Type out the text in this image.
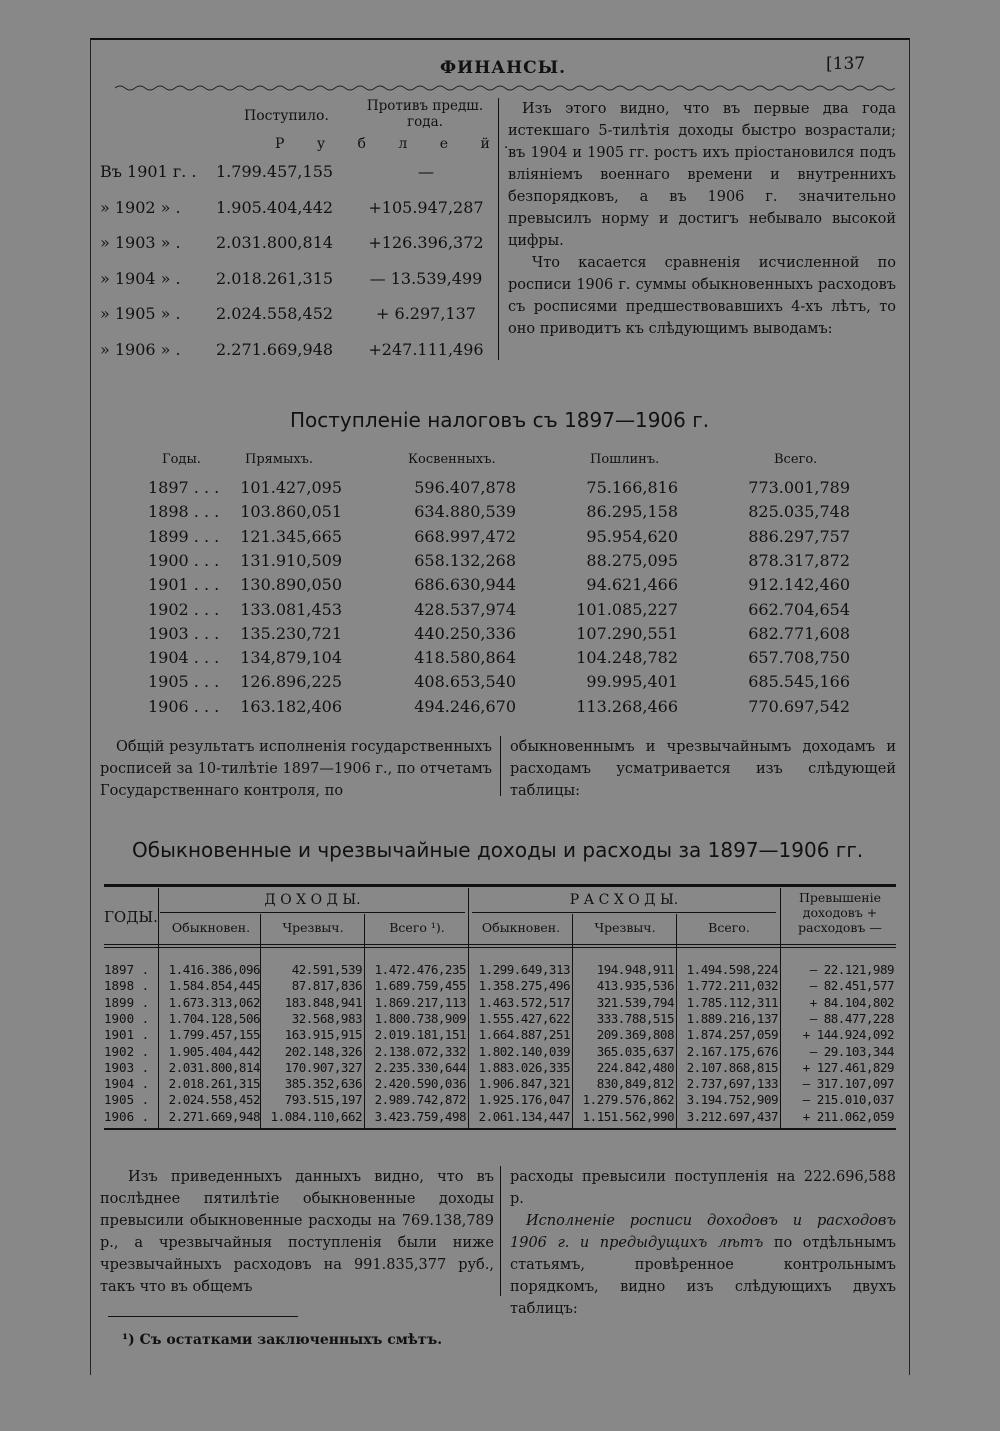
ФИНАНСЫ.	[137
Поступило.
Противъ предш. года.
Р у б л е й.
Въ 1901 г. . 1.799.457,155	—
» 1902 » . 1.905.404,442	+105.947,287
» 1903 » . 2.031.800,814	+126.396,372
» 1904 » . 2.018.261,315	— 13.539,499
» 1905 » . 2.024.558,452	+ 6.297,137
» 1906 » . 2.271.669,948	+247.111,496
Изъ этого видно, что въ первые два года истекшаго 5-тилѣтія доходы быстро возрастали; въ 1904 и 1905 гг. ростъ ихъ пріостановился подъ вліяніемъ военнаго времени и внутреннихъ безпорядковъ, а въ 1906 г. значительно превысилъ норму и достигъ небывало высокой цифры.
Что касается сравненія исчисленной по росписи 1906 г. суммы обыкновенныхъ расходовъ съ росписями предшествовавшихъ 4-хъ лѣтъ, то оно приводитъ къ слѣдующимъ выводамъ:
Поступленіе налоговъ съ 1897—1906 г.
Годы.	Прямыхъ.	Косвенныхъ.	Пошлинъ.	Всего.
1897 . . .	101.427,095	596.407,878	75.166,816	773.001,789
1898 . . .	103.860,051	634.880,539	86.295,158	825.035,748
1899 . . .	121.345,665	668.997,472	95.954,620	886.297,757
1900 . . .	131.910,509	658.132,268	88.275,095	878.317,872
1901 . . .	130.890,050	686.630,944	94.621,466	912.142,460
1902 . . .	133.081,453	428.537,974	101.085,227	662.704,654
1903 . . .	135.230,721	440.250,336	107.290,551	682.771,608
1904 . . .	134,879,104	418.580,864	104.248,782	657.708,750
1905 . . .	126.896,225	408.653,540	99.995,401	685.545,166
1906 . . .	163.182,406	494.246,670	113.268,466	770.697,542
Общій результатъ исполненія государственныхъ росписей за 10-тилѣтіе 1897—1906 г., по отчетамъ Государственнаго контроля, по
обыкновеннымъ и чрезвычайнымъ доходамъ и расходамъ усматривается изъ слѣдующей таблицы:
Обыкновенные и чрезвычайные доходы и расходы за 1897—1906 гг.
ГОДЫ.
Д О Х О Д Ы.	Р А С Х О Д Ы.	Превышеніе доходовъ + расходовъ —
Обыкновен.	Чрезвыч.	Всего ¹).	Обыкновен.	Чрезвыч.	Всего.
1897 .	1.416.386,096	42.591,539	1.472.476,235	1.299.649,313	194.948,911	1.494.598,224	— 22.121,989
1898 .	1.584.854,445	87.817,836	1.689.759,455	1.358.275,496	413.935,536	1.772.211,032	— 82.451,577
1899 .	1.673.313,062	183.848,941	1.869.217,113	1.463.572,517	321.539,794	1.785.112,311	+ 84.104,802
1900 .	1.704.128,506	32.568,983	1.800.738,909	1.555.427,622	333.788,515	1.889.216,137	— 88.477,228
1901 .	1.799.457,155	163.915,915	2.019.181,151	1.664.887,251	209.369,808	1.874.257,059	+ 144.924,092
1902 .	1.905.404,442	202.148,326	2.138.072,332	1.802.140,039	365.035,637	2.167.175,676	— 29.103,344
1903 .	2.031.800,814	170.907,327	2.235.330,644	1.883.026,335	224.842,480	2.107.868,815	+ 127.461,829
1904 .	2.018.261,315	385.352,636	2.420.590,036	1.906.847,321	830,849,812	2.737,697,133	— 317.107,097
1905 .	2.024.558,452	793.515,197	2.989.742,872	1.925.176,047	1.279.576,862	3.194.752,909	— 215.010,037
1906 .	2.271.669,948 1.084.110,662	3.423.759,498	2.061.134,447	1.151.562,990	3.212.697,437	+ 211.062,059
Изъ приведенныхъ данныхъ видно, что въ послѣднее пятилѣтіе обыкновенные доходы превысили обыкновенные расходы на 769.138,789 р., а чрезвычайныя поступленія были ниже чрезвычайныхъ расходовъ на 991.835,377 руб., такъ что въ общемъ
расходы превысили поступленія на 222.696,588 р.
Исполненіе росписи доходовъ и расходовъ 1906 г. и предыдущихъ лѣтъ по отдѣльнымъ статьямъ, провѣренное контрольнымъ порядкомъ, видно изъ слѣдующихъ двухъ таблицъ:
¹) Съ остатками заключенныхъ смѣтъ.
